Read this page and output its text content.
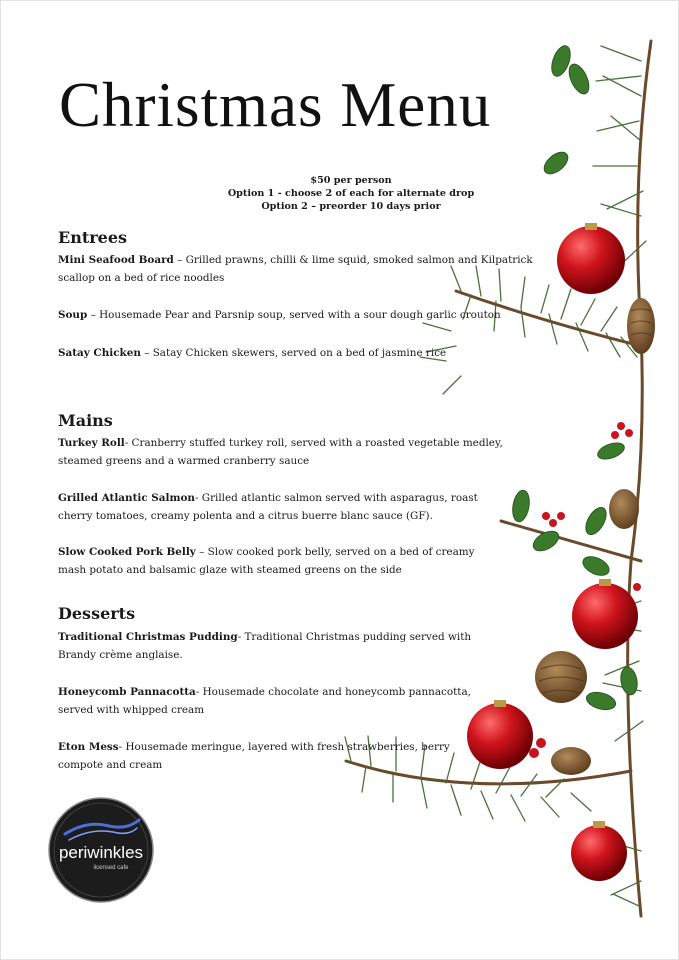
Christmas Menu
$50 per person
Option 1 - choose 2 of each for alternate drop
Option 2 – preorder 10 days prior
Entrees
Mini Seafood Board – Grilled prawns, chilli & lime squid, smoked salmon and Kilpatrick scallop on a bed of rice noodles
Soup – Housemade Pear and Parsnip soup, served with a sour dough garlic crouton
Satay Chicken – Satay Chicken skewers, served on a bed of jasmine rice
Mains
Turkey Roll- Cranberry stuffed turkey roll, served with a roasted vegetable medley, steamed greens and a warmed cranberry sauce
Grilled Atlantic Salmon- Grilled atlantic salmon served with asparagus, roast cherry tomatoes, creamy polenta and a citrus buerre blanc sauce (GF).
Slow Cooked Pork Belly – Slow cooked pork belly, served on a bed of creamy mash potato and balsamic glaze with steamed greens on the side
Desserts
Traditional Christmas Pudding- Traditional Christmas pudding served with Brandy crème anglaise.
Honeycomb Pannacotta- Housemade chocolate and honeycomb pannacotta, served with whipped cream
Eton Mess- Housemade meringue, layered with fresh strawberries, berry compote and cream
periwinkles
licensed cafe
